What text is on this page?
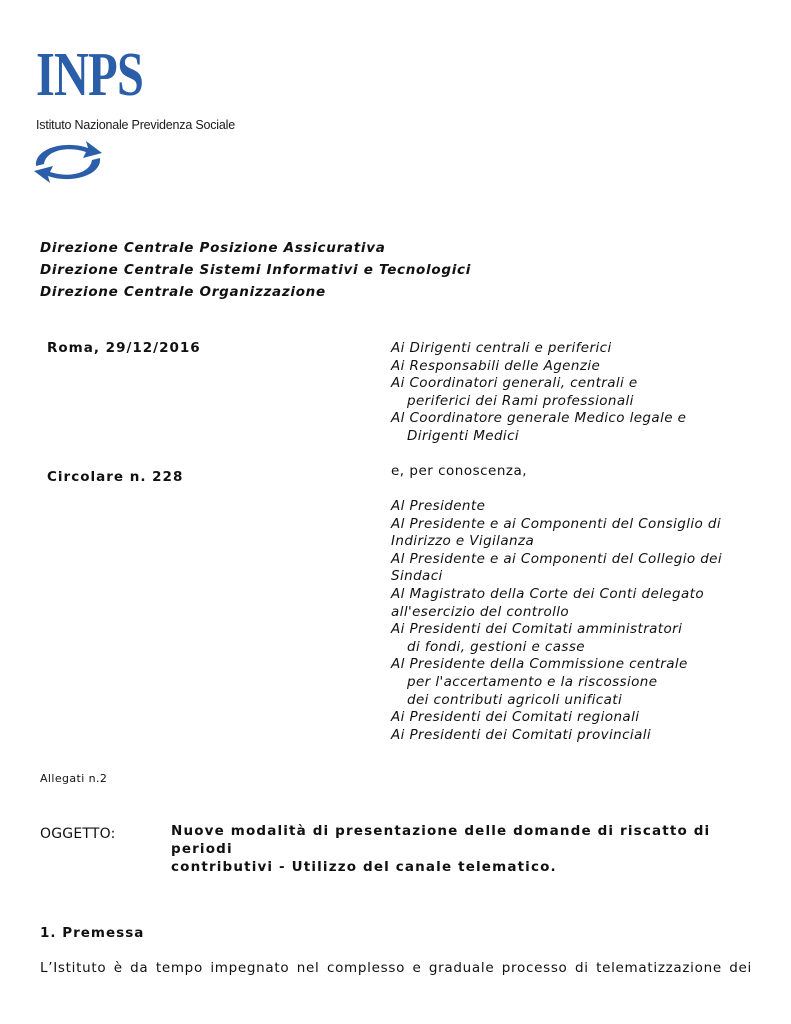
INPS
Istituto Nazionale Previdenza Sociale
Direzione Centrale Posizione Assicurativa
Direzione Centrale Sistemi Informativi e Tecnologici
Direzione Centrale Organizzazione
Roma, 29/12/2016
Circolare n. 228
Ai Dirigenti centrali e periferici
Ai Responsabili delle Agenzie
Ai Coordinatori generali, centrali e
periferici dei Rami professionali
Al Coordinatore generale Medico legale e
Dirigenti Medici
e, per conoscenza,
Al Presidente
Al Presidente e ai Componenti del Consiglio di
Indirizzo e Vigilanza
Al Presidente e ai Componenti del Collegio dei
Sindaci
Al Magistrato della Corte dei Conti delegato
all'esercizio del controllo
Ai Presidenti dei Comitati amministratori
di fondi, gestioni e casse
Al Presidente della Commissione centrale
per l'accertamento e la riscossione
dei contributi agricoli unificati
Ai Presidenti dei Comitati regionali
Ai Presidenti dei Comitati provinciali
Allegati n.2
OGGETTO:	Nuove modalità di presentazione delle domande di riscatto di periodi
contributivi - Utilizzo del canale telematico.
1. Premessa
L’Istituto è da tempo impegnato nel complesso e graduale processo di telematizzazione dei
